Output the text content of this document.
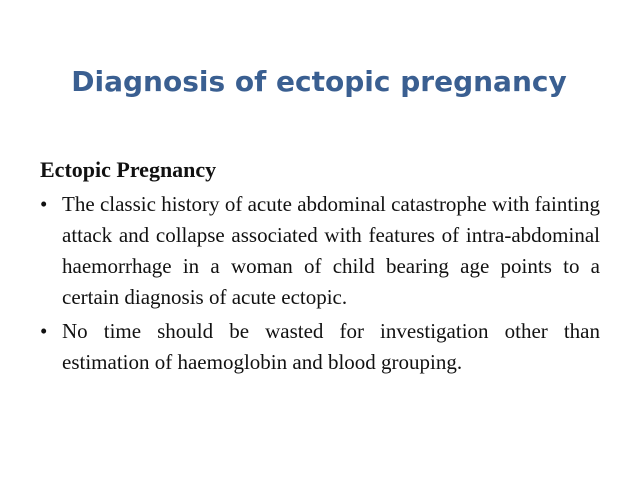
Diagnosis of ectopic pregnancy
Ectopic Pregnancy
• The classic history of acute abdominal catastrophe with fainting attack and collapse associated with features of intra-abdominal haemorrhage in a woman of child bearing age points to a certain diagnosis of acute ectopic.
• No time should be wasted for investigation other than estimation of haemoglobin and blood grouping.
